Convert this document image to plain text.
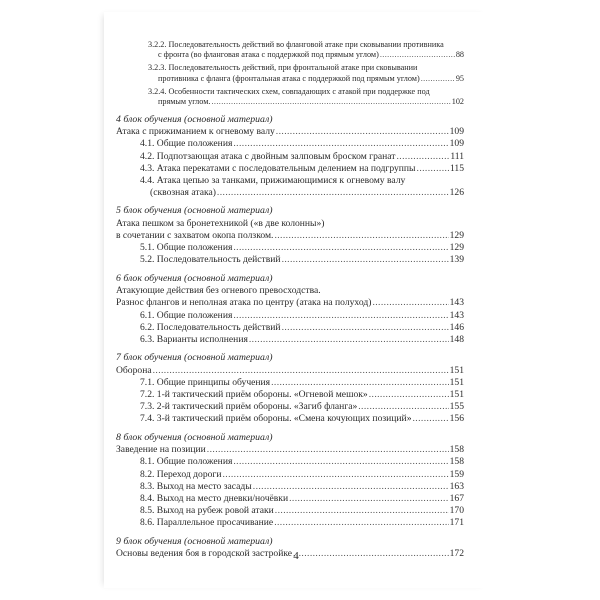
3.2.2. Последовательность действий во фланговой атаке при сковывании противника
с фронта (во фланговая атака с поддержкой под прямым углом) .....	88
3.2.3. Последовательность действий, при фронтальной атаке при сковывании
противника с фланга (фронтальная атака с поддержкой под прямым углом) .....	95
3.2.4. Особенности тактических схем, совпадающих с атакой при поддержке под
прямым углом. .....	102
4 блок обучения (основной материал)
Атака с прижиманием к огневому валу .....	109
4.1. Общие положения .....	109
4.2. Подпотзающая атака с двойным залповым броском гранат .....	111
4.3. Атака перекатами с последовательным делением на подгруппы .....	115
4.4. Атака цепью за танками, прижимающимися к огневому валу
(сквозная атака) .....	126
5 блок обучения (основной материал)
Атака пешком за бронетехникой («в две колонны»)
в сочетании с захватом окопа ползком. .....	129
5.1. Общие положения .....	129
5.2. Последовательность действий .....	139
6 блок обучения (основной материал)
Атакующие действия без огневого превосходства.
Разнос флангов и неполная атака по центру (атака на полуход) .....	143
6.1. Общие положения .....	143
6.2. Последовательность действий .....	146
6.3. Варианты исполнения .....	148
7 блок обучения (основной материал)
Оборона .....	151
7.1. Общие принципы обучения .....	151
7.2. 1-й тактический приём обороны. «Огневой мешок» .....	151
7.3. 2-й тактический приём обороны. «Загиб фланга» .....	155
7.4. 3-й тактический приём обороны. «Смена кочующих позиций» .....	156
8 блок обучения (основной материал)
Заведение на позиции .....	158
8.1. Общие положения .....	158
8.2. Переход дороги .....	159
8.3. Выход на место засады .....	163
8.4. Выход на место дневки/ночёвки .....	167
8.5. Выход на рубеж ровой атаки .....	170
8.6. Параллельное просачивание .....	171
9 блок обучения (основной материал)
Основы ведения боя в городской застройке .....	172
4
